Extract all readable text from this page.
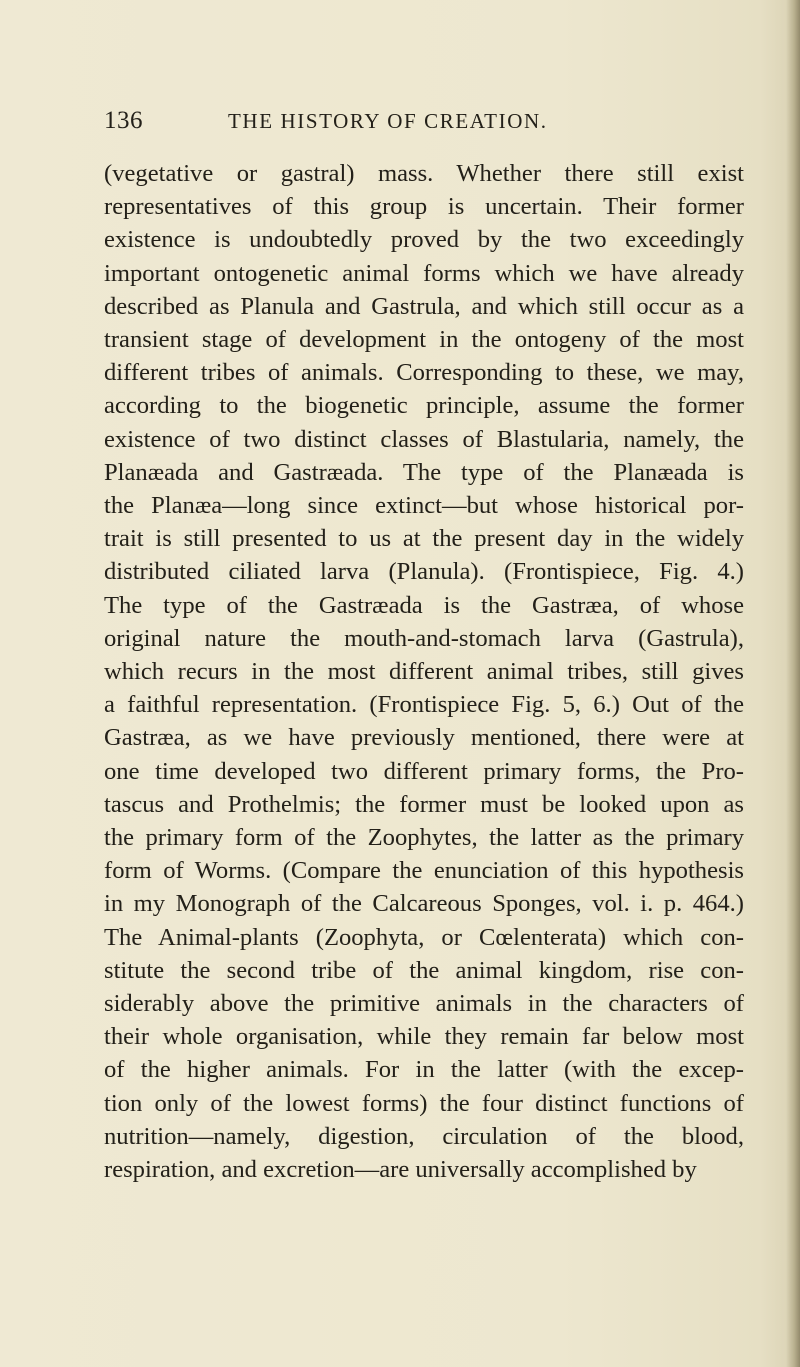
136	THE HISTORY OF CREATION.
(vegetative or gastral) mass. Whether there still exist
representatives of this group is uncertain. Their former
existence is undoubtedly proved by the two exceedingly
important ontogenetic animal forms which we have already
described as Planula and Gastrula, and which still occur as a
transient stage of development in the ontogeny of the most
different tribes of animals. Corresponding to these, we may,
according to the biogenetic principle, assume the former
existence of two distinct classes of Blastularia, namely, the
Planæada and Gastræada. The type of the Planæada is
the Planæa—long since extinct—but whose historical por-
trait is still presented to us at the present day in the widely
distributed ciliated larva (Planula). (Frontispiece, Fig. 4.)
The type of the Gastræada is the Gastræa, of whose
original nature the mouth-and-stomach larva (Gastrula),
which recurs in the most different animal tribes, still gives
a faithful representation. (Frontispiece Fig. 5, 6.) Out of the
Gastræa, as we have previously mentioned, there were at
one time developed two different primary forms, the Pro-
tascus and Prothelmis; the former must be looked upon as
the primary form of the Zoophytes, the latter as the primary
form of Worms. (Compare the enunciation of this hypothesis
in my Monograph of the Calcareous Sponges, vol. i. p. 464.)
The Animal-plants (Zoophyta, or Cœlenterata) which con-
stitute the second tribe of the animal kingdom, rise con-
siderably above the primitive animals in the characters of
their whole organisation, while they remain far below most
of the higher animals. For in the latter (with the excep-
tion only of the lowest forms) the four distinct functions of
nutrition—namely, digestion, circulation of the blood,
respiration, and excretion—are universally accomplished by
